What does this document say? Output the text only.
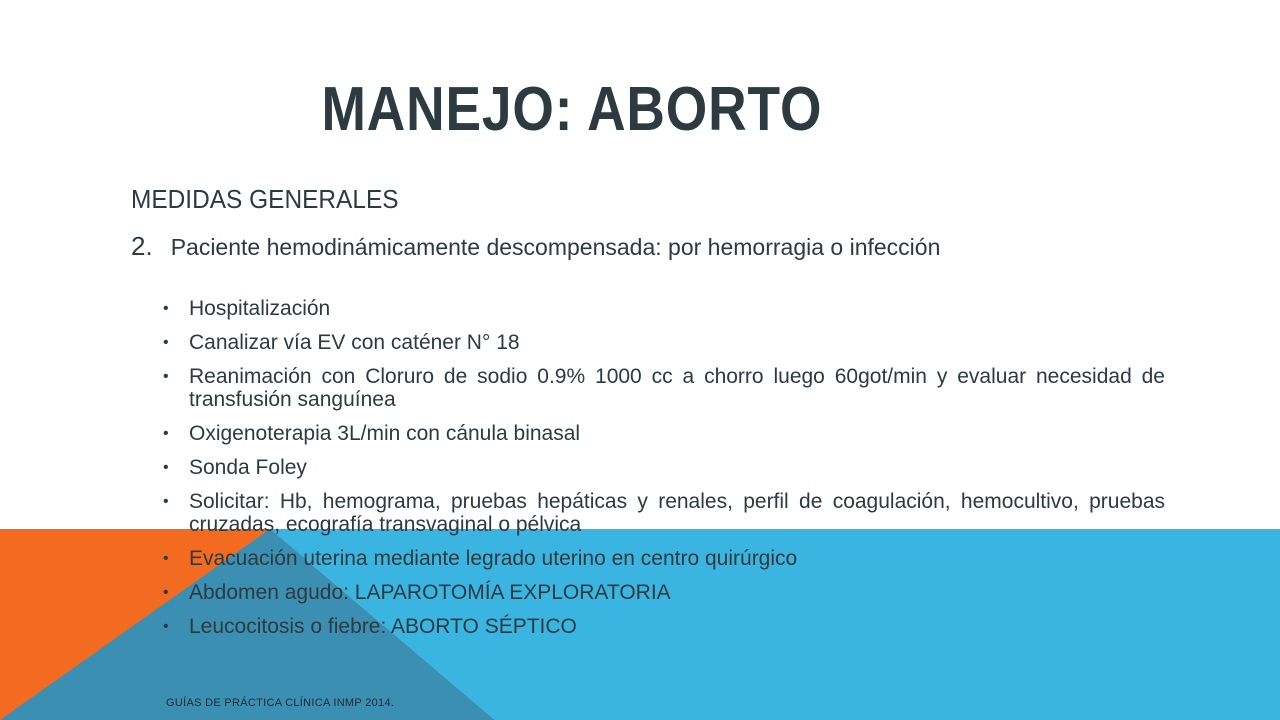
MANEJO: ABORTO
MEDIDAS GENERALES

2. Paciente hemodinámicamente descompensada: por hemorragia o infección

• Hospitalización
• Canalizar vía EV con caténer N° 18
• Reanimación con Cloruro de sodio 0.9% 1000 cc a chorro luego 60got/min y evaluar necesidad de transfusión sanguínea
• Oxigenoterapia 3L/min con cánula binasal
• Sonda Foley
• Solicitar: Hb, hemograma, pruebas hepáticas y renales, perfil de coagulación, hemocultivo, pruebas cruzadas, ecografía transvaginal o pélvica
• Evacuación uterina mediante legrado uterino en centro quirúrgico
• Abdomen agudo: LAPAROTOMÍA EXPLORATORIA
• Leucocitosis o fiebre: ABORTO SÉPTICO
GUÍAS DE PRÁCTICA CLÍNICA INMP 2014.
